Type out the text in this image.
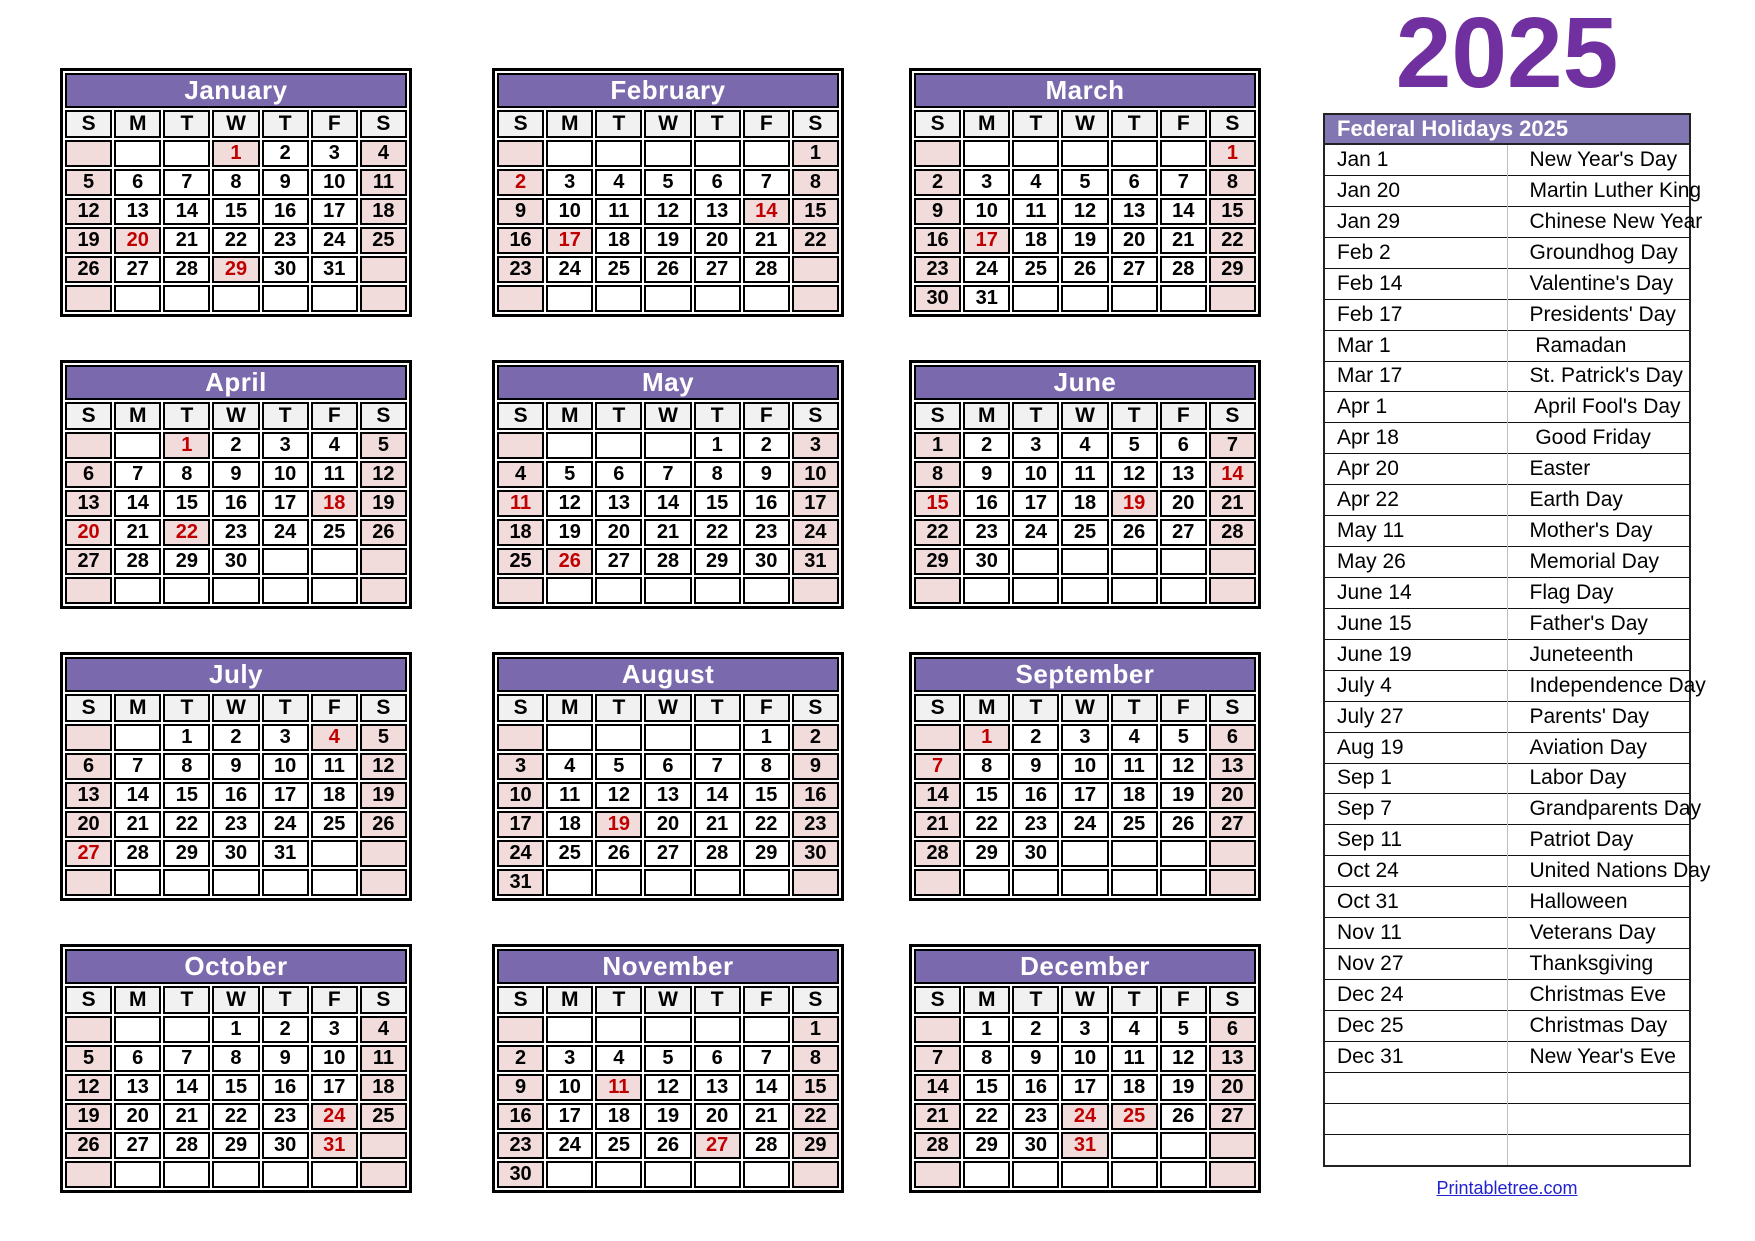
2025
January						
S	M	T	W	T	F	S
			1	2	3	4
5	6	7	8	9	10	11
12	13	14	15	16	17	18
19	20	21	22	23	24	25
26	27	28	29	30	31	

February						
S	M	T	W	T	F	S
						1
2	3	4	5	6	7	8
9	10	11	12	13	14	15
16	17	18	19	20	21	22
23	24	25	26	27	28	

March						
S	M	T	W	T	F	S
						1
2	3	4	5	6	7	8
9	10	11	12	13	14	15
16	17	18	19	20	21	22
23	24	25	26	27	28	29
30	31					
April						
S	M	T	W	T	F	S
		1	2	3	4	5
6	7	8	9	10	11	12
13	14	15	16	17	18	19
20	21	22	23	24	25	26
27	28	29	30			

May						
S	M	T	W	T	F	S
				1	2	3
4	5	6	7	8	9	10
11	12	13	14	15	16	17
18	19	20	21	22	23	24
25	26	27	28	29	30	31

June						
S	M	T	W	T	F	S
1	2	3	4	5	6	7
8	9	10	11	12	13	14
15	16	17	18	19	20	21
22	23	24	25	26	27	28
29	30					

July						
S	M	T	W	T	F	S
		1	2	3	4	5
6	7	8	9	10	11	12
13	14	15	16	17	18	19
20	21	22	23	24	25	26
27	28	29	30	31		

August						
S	M	T	W	T	F	S
					1	2
3	4	5	6	7	8	9
10	11	12	13	14	15	16
17	18	19	20	21	22	23
24	25	26	27	28	29	30
31						
September						
S	M	T	W	T	F	S
	1	2	3	4	5	6
7	8	9	10	11	12	13
14	15	16	17	18	19	20
21	22	23	24	25	26	27
28	29	30				

October						
S	M	T	W	T	F	S
			1	2	3	4
5	6	7	8	9	10	11
12	13	14	15	16	17	18
19	20	21	22	23	24	25
26	27	28	29	30	31	

November						
S	M	T	W	T	F	S
						1
2	3	4	5	6	7	8
9	10	11	12	13	14	15
16	17	18	19	20	21	22
23	24	25	26	27	28	29
30						
December						
S	M	T	W	T	F	S
	1	2	3	4	5	6
7	8	9	10	11	12	13
14	15	16	17	18	19	20
21	22	23	24	25	26	27
28	29	30	31			

Federal Holidays 2025	
Jan 1	New Year's Day
Jan 20	Martin Luther King
Jan 29	Chinese New Year
Feb 2	Groundhog Day
Feb 14	Valentine's Day
Feb 17	Presidents' Day
Mar 1	Ramadan
Mar 17	St. Patrick's Day
Apr 1	April Fool's Day
Apr 18	Good Friday
Apr 20	Easter
Apr 22	Earth Day
May 11	Mother's Day
May 26	Memorial Day
June 14	Flag Day
June 15	Father's Day
June 19	Juneteenth
July 4	Independence Day
July 27	Parents' Day
Aug 19	Aviation Day
Sep 1	Labor Day
Sep 7	Grandparents Day
Sep 11	Patriot Day
Oct 24	United Nations Day
Oct 31	Halloween
Nov 11	Veterans Day
Nov 27	Thanksgiving
Dec 24	Christmas Eve
Dec 25	Christmas Day
Dec 31	New Year's Eve

Printabletree.com
